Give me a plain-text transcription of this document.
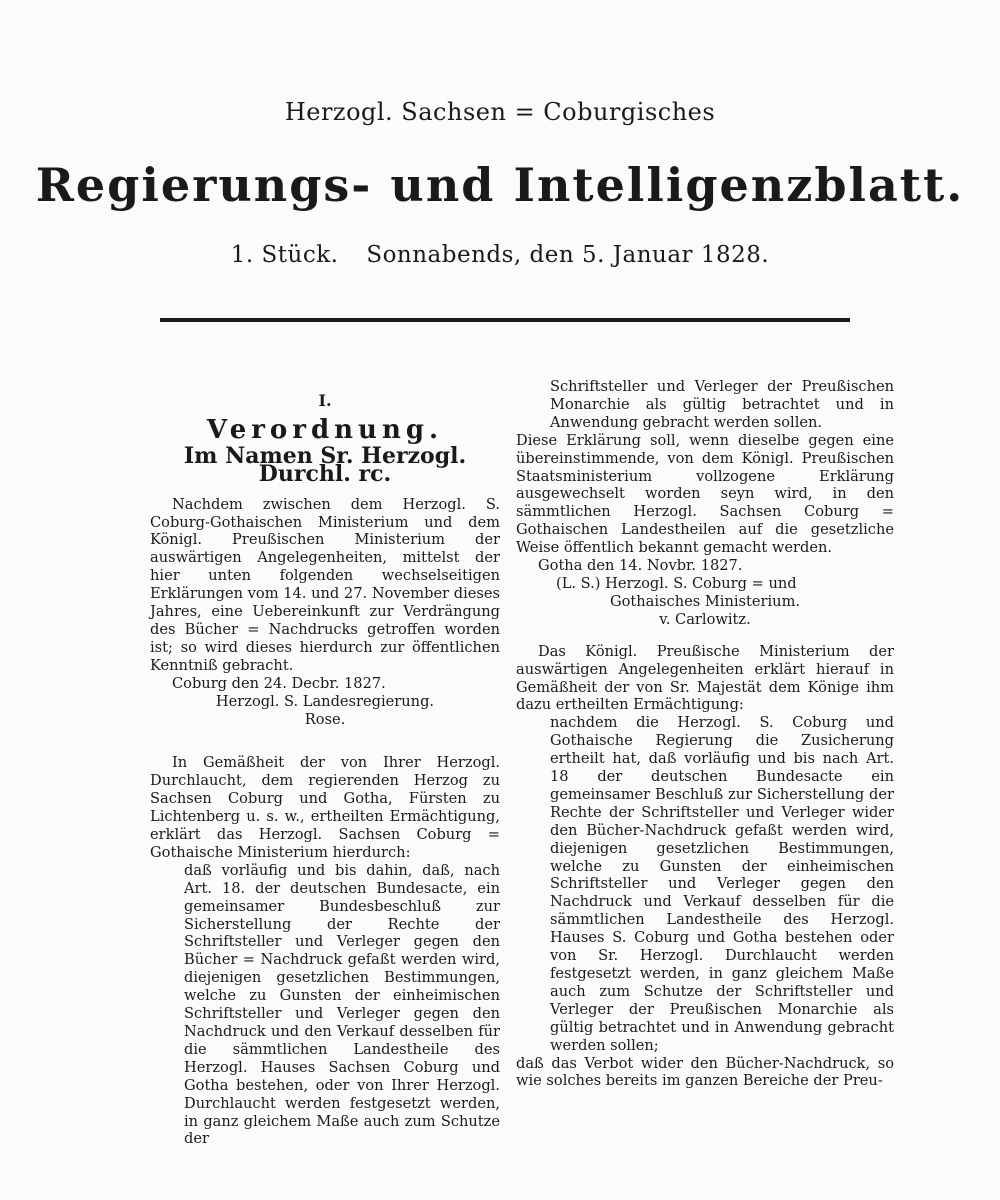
Herzogl. Sachsen = Coburgisches
Regierungs- und Intelligenzblatt.
1. Stück. Sonnabends, den 5. Januar 1828.
I.
Verordnung.
Im Namen Sr. Herzogl. Durchl. rc.

Nachdem zwischen dem Herzogl. S. Coburg-Gothaischen Ministerium und dem Königl. Preußischen Ministerium der auswärtigen Angelegenheiten, mittelst der hier unten folgenden wechselseitigen Erklärungen vom 14. und 27. November dieses Jahres, eine Uebereinkunft zur Verdrängung des Bücher = Nachdrucks getroffen worden ist; so wird dieses hierdurch zur öffentlichen Kenntniß gebracht.

Coburg den 24. Decbr. 1827.

Herzogl. S. Landesregierung.

Rose.

In Gemäßheit der von Ihrer Herzogl. Durchlaucht, dem regierenden Herzog zu Sachsen Coburg und Gotha, Fürsten zu Lichtenberg u. s. w., ertheilten Ermächtigung, erklärt das Herzogl. Sachsen Coburg = Gothaische Ministerium hierdurch:

daß vorläufig und bis dahin, daß, nach Art. 18. der deutschen Bundesacte, ein gemeinsamer Bundesbeschluß zur Sicherstellung der Rechte der Schriftsteller und Verleger gegen den Bücher = Nachdruck gefaßt werden wird, diejenigen gesetzlichen Bestimmungen, welche zu Gunsten der einheimischen Schriftsteller und Verleger gegen den Nachdruck und den Verkauf desselben für die sämmtlichen Landestheile des Herzogl. Hauses Sachsen Coburg und Gotha bestehen, oder von Ihrer Herzogl. Durchlaucht werden festgesetzt werden, in ganz gleichem Maße auch zum Schutze der

Schriftsteller und Verleger der Preußischen Monarchie als gültig betrachtet und in Anwendung gebracht werden sollen.

Diese Erklärung soll, wenn dieselbe gegen eine übereinstimmende, von dem Königl. Preußischen Staatsministerium vollzogene Erklärung ausgewechselt worden seyn wird, in den sämmtlichen Herzogl. Sachsen Coburg = Gothaischen Landestheilen auf die gesetzliche Weise öffentlich bekannt gemacht werden.

Gotha den 14. Novbr. 1827.

(L. S.) Herzogl. S. Coburg = und

Gothaisches Ministerium.

v. Carlowitz.

Das Königl. Preußische Ministerium der auswärtigen Angelegenheiten erklärt hierauf in Gemäßheit der von Sr. Majestät dem Könige ihm dazu ertheilten Ermächtigung:

nachdem die Herzogl. S. Coburg und Gothaische Regierung die Zusicherung ertheilt hat, daß vorläufig und bis nach Art. 18 der deutschen Bundesacte ein gemeinsamer Beschluß zur Sicherstellung der Rechte der Schriftsteller und Verleger wider den Bücher-Nachdruck gefaßt werden wird, diejenigen gesetzlichen Bestimmungen, welche zu Gunsten der einheimischen Schriftsteller und Verleger gegen den Nachdruck und Verkauf desselben für die sämmtlichen Landestheile des Herzogl. Hauses S. Coburg und Gotha bestehen oder von Sr. Herzogl. Durchlaucht werden festgesetzt werden, in ganz gleichem Maße auch zum Schutze der Schriftsteller und Verleger der Preußischen Monarchie als gültig betrachtet und in Anwendung gebracht werden sollen;

daß das Verbot wider den Bücher-Nachdruck, so wie solches bereits im ganzen Bereiche der Preu-
